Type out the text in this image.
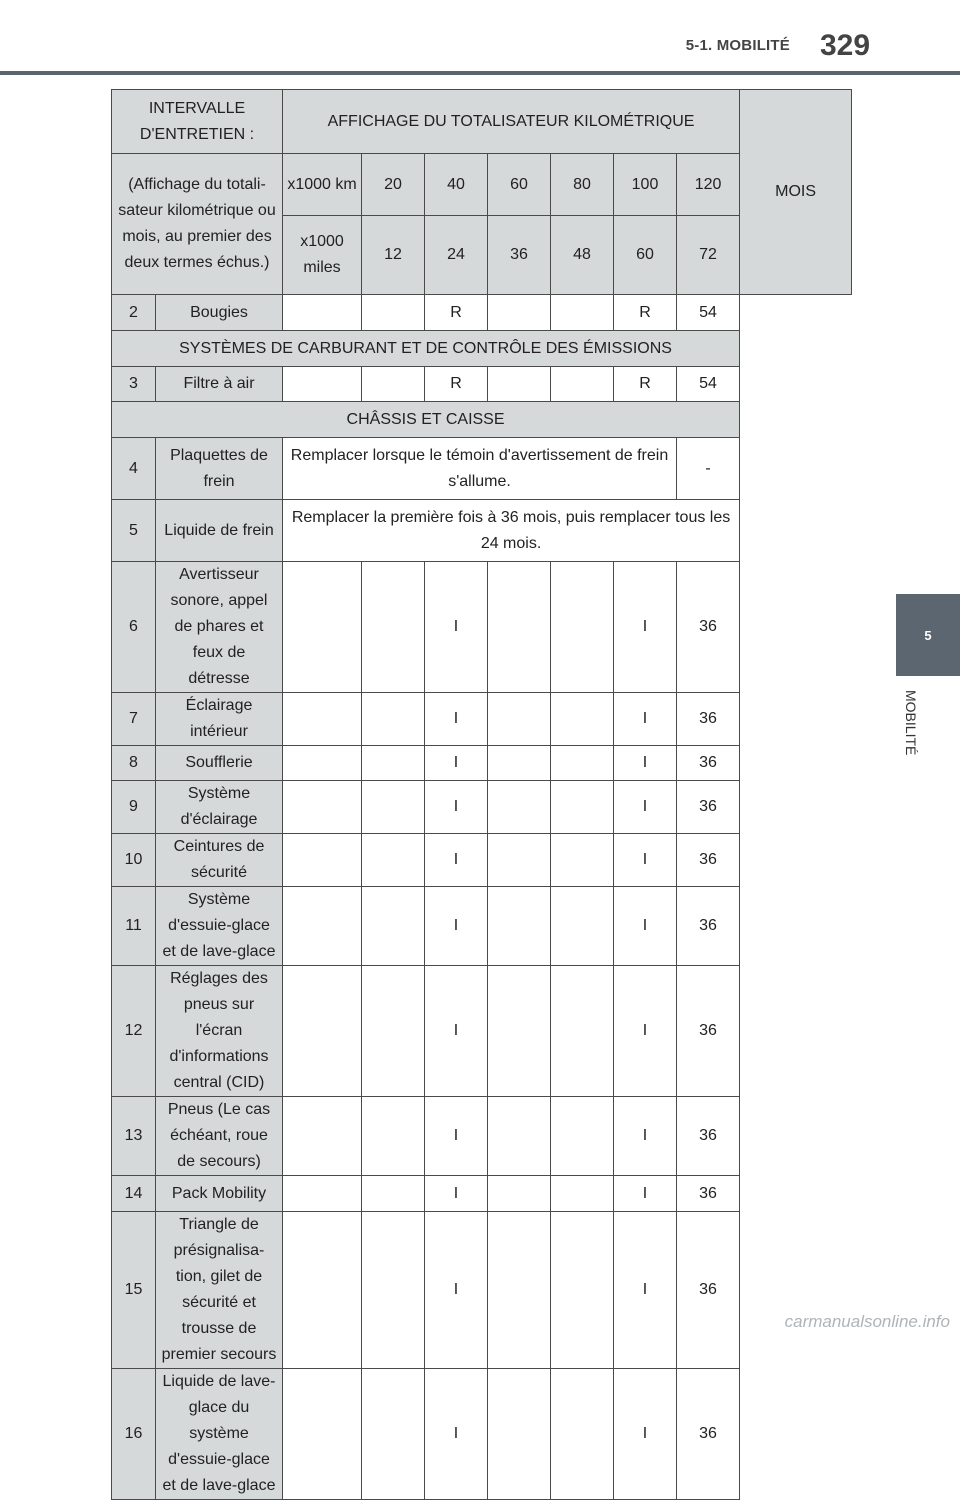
5-1. MOBILITÉ 329
5
MOBILITÉ
INTERVALLE D'ENTRETIEN :		AFFICHAGE DU TOTALISATEUR KILOMÉTRIQUE							MOIS
(Affichage du totali-sateur kilométrique ou mois, au premier des deux termes échus.)		x1000 km	20	40	60	80	100	120	
		x1000 miles	12	24	36	48	60	72	
2	Bougies			R			R	54	
SYSTÈMES DE CARBURANT ET DE CONTRÔLE DES ÉMISSIONS									
3	Filtre à air			R			R	54	
CHÂSSIS ET CAISSE									
4	Plaquettes de frein	Remplacer lorsque le témoin d'avertissement de frein s'allume.						-	
5	Liquide de frein	Remplacer la première fois à 36 mois, puis remplacer tous les 24 mois.							
6	Avertisseur sonore, appel de phares et feux de détresse			I			I	36	
7	Éclairage intérieur			I			I	36	
8	Soufflerie			I			I	36	
9	Système d'éclairage			I			I	36	
10	Ceintures de sécurité			I			I	36	
11	Système d'essuie-glace et de lave-glace			I			I	36	
12	Réglages des pneus sur l'écran d'informations central (CID)			I			I	36	
13	Pneus (Le cas échéant, roue de secours)			I			I	36	
14	Pack Mobility			I			I	36	
15	Triangle de présignalisa-tion, gilet de sécurité et trousse de premier secours			I			I	36	
16	Liquide de lave-glace du système d'essuie-glace et de lave-glace			I			I	36	
carmanualsonline.info
